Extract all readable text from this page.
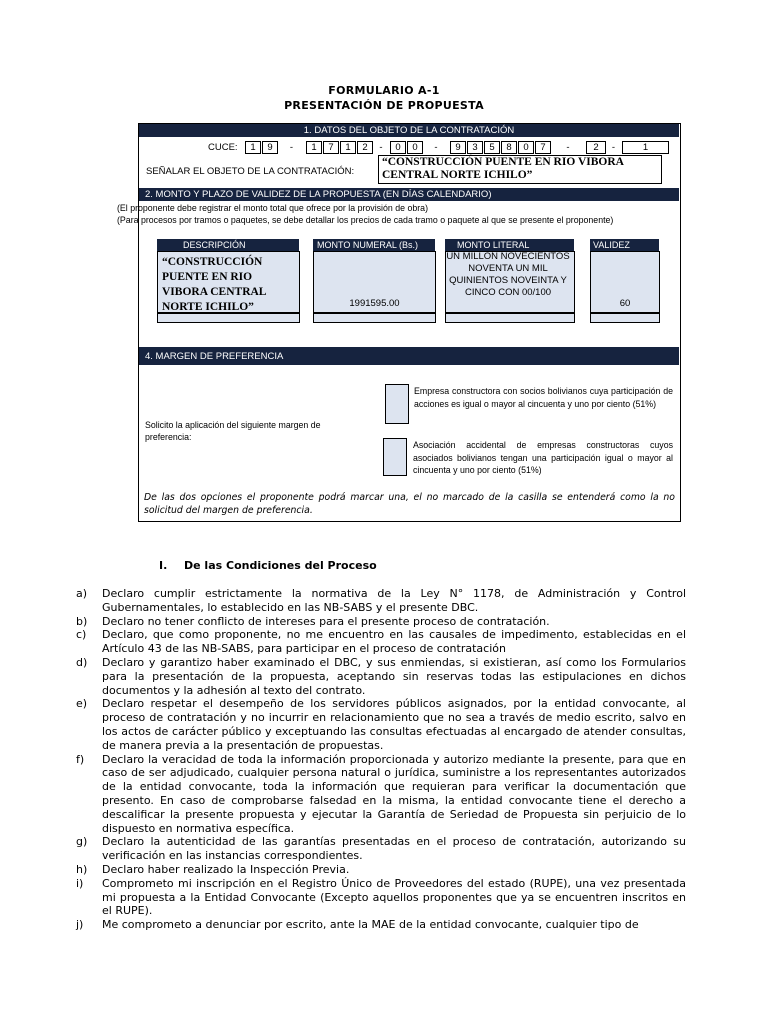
FORMULARIO A-1
PRESENTACIÓN DE PROPUESTA
1. DATOS DEL OBJETO DE LA CONTRATACIÓN
CUCE:	1	9	-	1	7	1	2	-	0	0	-	9	3	5	8	0	7	-	2	-	1
SEÑALAR EL OBJETO DE LA CONTRATACIÓN:
“CONSTRUCCIÓN PUENTE EN RIO VIBORA CENTRAL NORTE ICHILO”
2. MONTO Y PLAZO DE VALIDEZ DE LA PROPUESTA (EN DÍAS CALENDARIO)
(El proponente debe registrar el monto total que ofrece por la provisión de obra)
(Para procesos por tramos o paquetes, se debe detallar los precios de cada tramo o paquete al que se presente el proponente)
DESCRIPCIÓN
“CONSTRUCCIÓN PUENTE EN RIO VIBORA CENTRAL NORTE ICHILO”
MONTO NUMERAL (Bs.)
1991595.00
MONTO LITERAL
UN MILLON NOVECIENTOS NOVENTA UN MIL QUINIENTOS NOVEINTA Y CINCO CON 00/100
VALIDEZ
60
4. MARGEN DE PREFERENCIA
Solicito la aplicación del siguiente margen de preferencia:
Empresa constructora con socios bolivianos cuya participación de acciones es igual o mayor al cincuenta y uno por ciento (51%)
Asociación accidental de empresas constructoras cuyos asociados bolivianos tengan una participación igual o mayor al cincuenta y uno por ciento (51%)
De las dos opciones el proponente podrá marcar una, el no marcado de la casilla se entenderá como la no solicitud del margen de preferencia.
I. De las Condiciones del Proceso
a) Declaro cumplir estrictamente la normativa de la Ley N° 1178, de Administración y Control Gubernamentales, lo establecido en las NB-SABS y el presente DBC.
b) Declaro no tener conflicto de intereses para el presente proceso de contratación.
c) Declaro, que como proponente, no me encuentro en las causales de impedimento, establecidas en el Artículo 43 de las NB-SABS, para participar en el proceso de contratación
d) Declaro y garantizo haber examinado el DBC, y sus enmiendas, si existieran, así como los Formularios para la presentación de la propuesta, aceptando sin reservas todas las estipulaciones en dichos documentos y la adhesión al texto del contrato.
e) Declaro respetar el desempeño de los servidores públicos asignados, por la entidad convocante, al proceso de contratación y no incurrir en relacionamiento que no sea a través de medio escrito, salvo en los actos de carácter público y exceptuando las consultas efectuadas al encargado de atender consultas, de manera previa a la presentación de propuestas.
f) Declaro la veracidad de toda la información proporcionada y autorizo mediante la presente, para que en caso de ser adjudicado, cualquier persona natural o jurídica, suministre a los representantes autorizados de la entidad convocante, toda la información que requieran para verificar la documentación que presento. En caso de comprobarse falsedad en la misma, la entidad convocante tiene el derecho a descalificar la presente propuesta y ejecutar la Garantía de Seriedad de Propuesta sin perjuicio de lo dispuesto en normativa específica.
g) Declaro la autenticidad de las garantías presentadas en el proceso de contratación, autorizando su verificación en las instancias correspondientes.
h) Declaro haber realizado la Inspección Previa.
i) Comprometo mi inscripción en el Registro Único de Proveedores del estado (RUPE), una vez presentada mi propuesta a la Entidad Convocante (Excepto aquellos proponentes que ya se encuentren inscritos en el RUPE).
j) Me comprometo a denunciar por escrito, ante la MAE de la entidad convocante, cualquier tipo de
